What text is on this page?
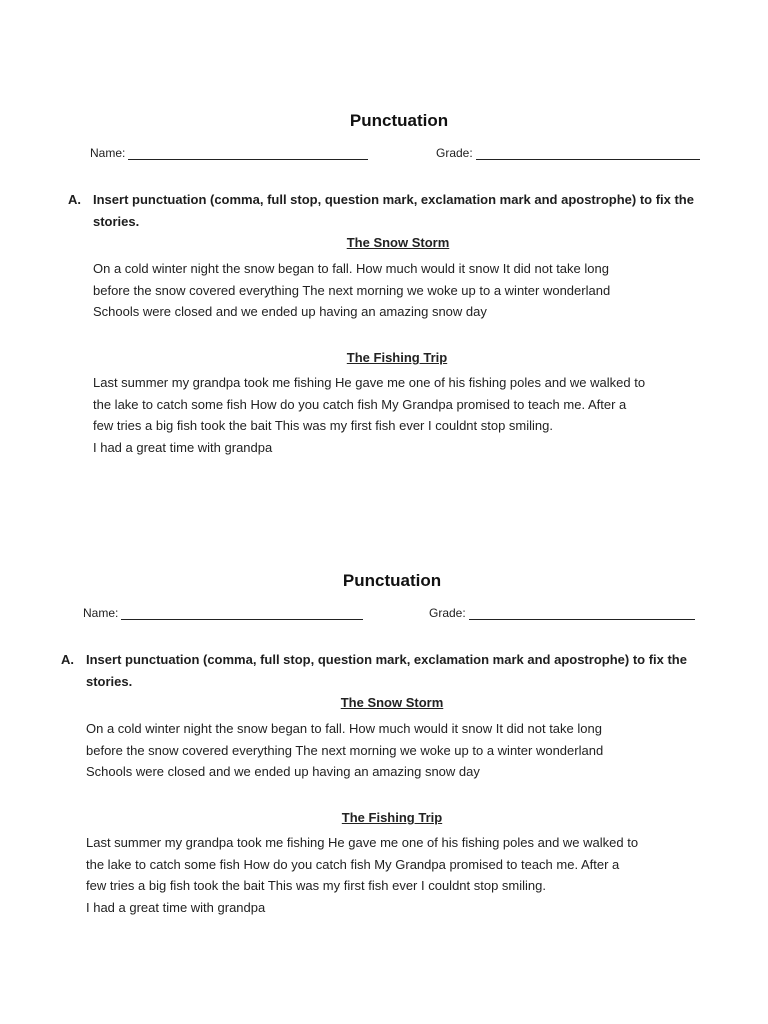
Punctuation
Name:	Grade:
A. Insert punctuation (comma, full stop, question mark, exclamation mark and apostrophe) to fix the stories.
The Snow Storm
On a cold winter night the snow began to fall. How much would it snow It did not take long
before the snow covered everything The next morning we woke up to a winter wonderland
Schools were closed and we ended up having an amazing snow day
The Fishing Trip
Last summer my grandpa took me fishing He gave me one of his fishing poles and we walked to
the lake to catch some fish How do you catch fish My Grandpa promised to teach me. After a
few tries a big fish took the bait This was my first fish ever I couldnt stop smiling.
I had a great time with grandpa
Punctuation
Name:	Grade:
A. Insert punctuation (comma, full stop, question mark, exclamation mark and apostrophe) to fix the stories.
The Snow Storm
On a cold winter night the snow began to fall. How much would it snow It did not take long
before the snow covered everything The next morning we woke up to a winter wonderland
Schools were closed and we ended up having an amazing snow day
The Fishing Trip
Last summer my grandpa took me fishing He gave me one of his fishing poles and we walked to
the lake to catch some fish How do you catch fish My Grandpa promised to teach me. After a
few tries a big fish took the bait This was my first fish ever I couldnt stop smiling.
I had a great time with grandpa
